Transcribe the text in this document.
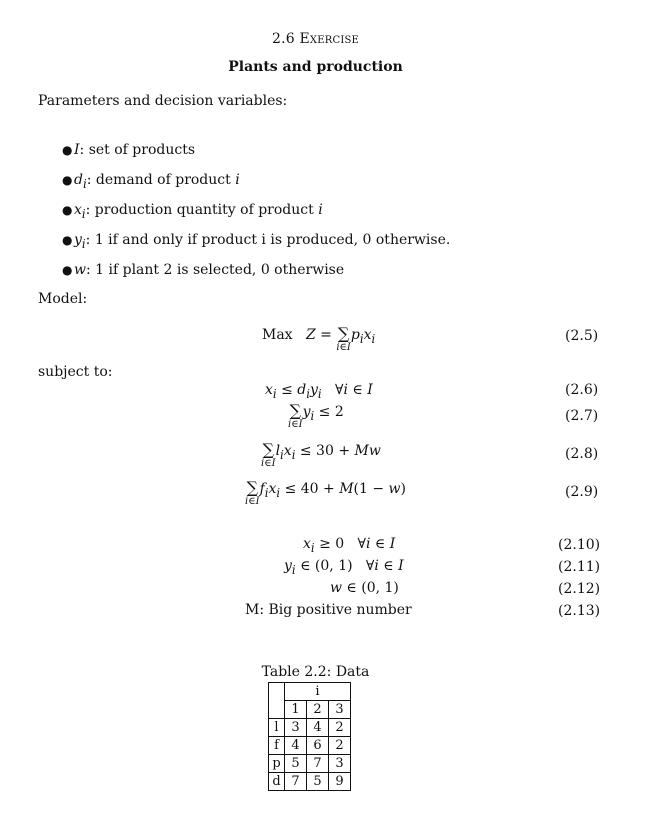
2.6 Exercise
Plants and production
Parameters and decision variables:
● I: set of products
● $d_i$: demand of product i
● $x_i$: production quantity of product i
● $y_i$: 1 if and only if product i is produced, 0 otherwise.
● w: 1 if plant 2 is selected, 0 otherwise
Model:
Max Z = ∑
i∈I
$p_ix_i$	(2.5)
subject to:
$x_i \le d_iy_i$   ∀i ∈ I	(2.6)
∑
i∈I
$y_i \le 2$	(2.7)
∑
i∈I
$l_ix_i \le 30 + Mw$	(2.8)
∑
i∈I
$f_ix_i \le 40 + M(1 - w)$	(2.9)
$x_i \ge 0$   ∀i ∈ I	(2.10)
$y_i$ ∈ (0, 1)   ∀i ∈ I	(2.11)
w ∈ (0, 1)	(2.12)
M: Big positive number	(2.13)
Table 2.2: Data
	i		
	1	2	3
l	3	4	2
f	4	6	2
p	5	7	3
d	7	5	9
